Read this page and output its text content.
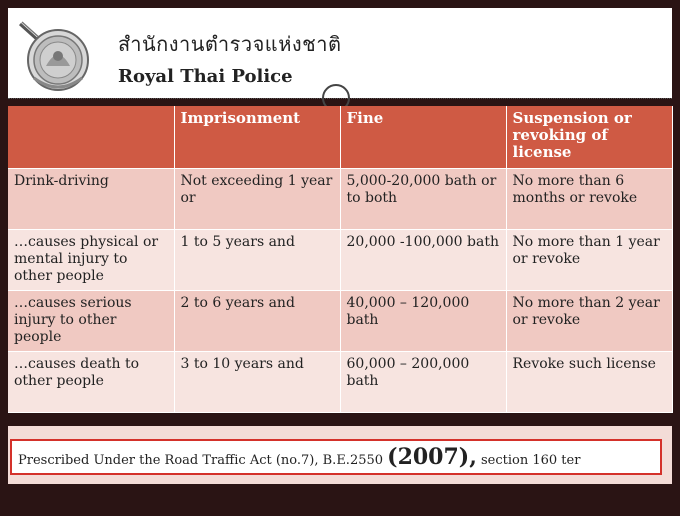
สำนักงานตำรวจแห่งชาติ
Royal Thai Police
	Imprisonment	Fine	Suspension or revoking of license
Drink-driving	Not exceeding 1 year or	5,000-20,000 bath or to both	No more than 6 months or revoke
…causes physical or mental injury to other people	1 to 5 years and	20,000 -100,000 bath	No more than 1 year or revoke
…causes serious injury to other people	2 to 6 years and	40,000 – 120,000 bath	No more than 2 year or revoke
…causes death to other people	3 to 10 years and	60,000 – 200,000 bath	Revoke such license
Prescribed Under the Road Traffic Act (no.7), B.E.2550 (2007), section 160 ter
